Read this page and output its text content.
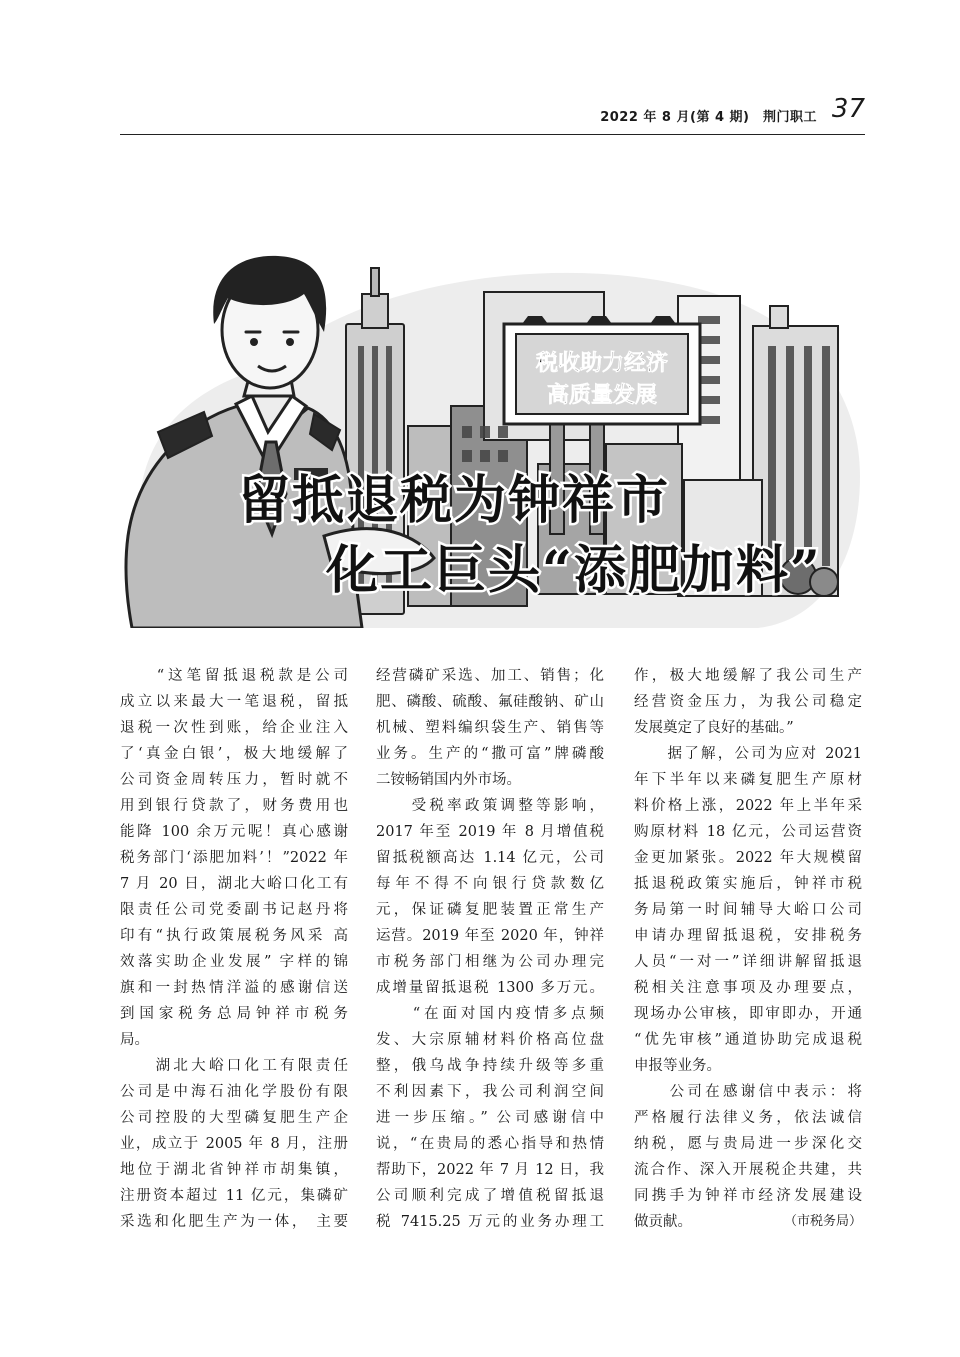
2022 年 8 月(第 4 期)　荆门职工 37
税收助力经济
高质量发展
留抵退税为钟祥市
化工巨头“添肥加料”
　　“这笔留抵退税款是公司
成立以来最大一笔退税，留抵
退税一次性到账，给企业注入
了‘真金白银’，极大地缓解了
公司资金周转压力，暂时就不
用到银行贷款了，财务费用也
能降 100 余万元呢！真心感谢
税务部门‘添肥加料’！”2022 年
7 月 20 日，湖北大峪口化工有
限责任公司党委副书记赵丹将
印有“执行政策展税务风采 高
效落实助企业发展” 字样的锦
旗和一封热情洋溢的感谢信送
到国家税务总局钟祥市税务
局。
　　湖北大峪口化工有限责任
公司是中海石油化学股份有限
公司控股的大型磷复肥生产企
业，成立于 2005 年 8 月，注册
地位于湖北省钟祥市胡集镇，
注册资本超过 11 亿元，集磷矿
采选和化肥生产为一体， 主要
经营磷矿采选、加工、销售；化
肥、磷酸、硫酸、氟硅酸钠、矿山
机械、塑料编织袋生产、销售等
业务。生产的“撒可富”牌磷酸
二铵畅销国内外市场。
　　受税率政策调整等影响，
2017 年至 2019 年 8 月增值税
留抵税额高达 1.14 亿元，公司
每年不得不向银行贷款数亿
元，保证磷复肥装置正常生产
运营。2019 年至 2020 年，钟祥
市税务部门相继为公司办理完
成增量留抵退税 1300 多万元。
　　“在面对国内疫情多点频
发、大宗原辅材料价格高位盘
整，俄乌战争持续升级等多重
不利因素下，我公司利润空间
进一步压缩。” 公司感谢信中
说，“在贵局的悉心指导和热情
帮助下，2022 年 7 月 12 日，我
公司顺利完成了增值税留抵退
税 7415.25 万元的业务办理工
作，极大地缓解了我公司生产
经营资金压力，为我公司稳定
发展奠定了良好的基础。”
　　据了解，公司为应对 2021
年下半年以来磷复肥生产原材
料价格上涨，2022 年上半年采
购原材料 18 亿元，公司运营资
金更加紧张。2022 年大规模留
抵退税政策实施后，钟祥市税
务局第一时间辅导大峪口公司
申请办理留抵退税，安排税务
人员“一对一”详细讲解留抵退
税相关注意事项及办理要点，
现场办公审核，即审即办，开通
“优先审核”通道协助完成退税
申报等业务。
　　公司在感谢信中表示：将
严格履行法律义务，依法诚信
纳税，愿与贵局进一步深化交
流合作、深入开展税企共建，共
同携手为钟祥市经济发展建设
做贡献。	（市税务局）
